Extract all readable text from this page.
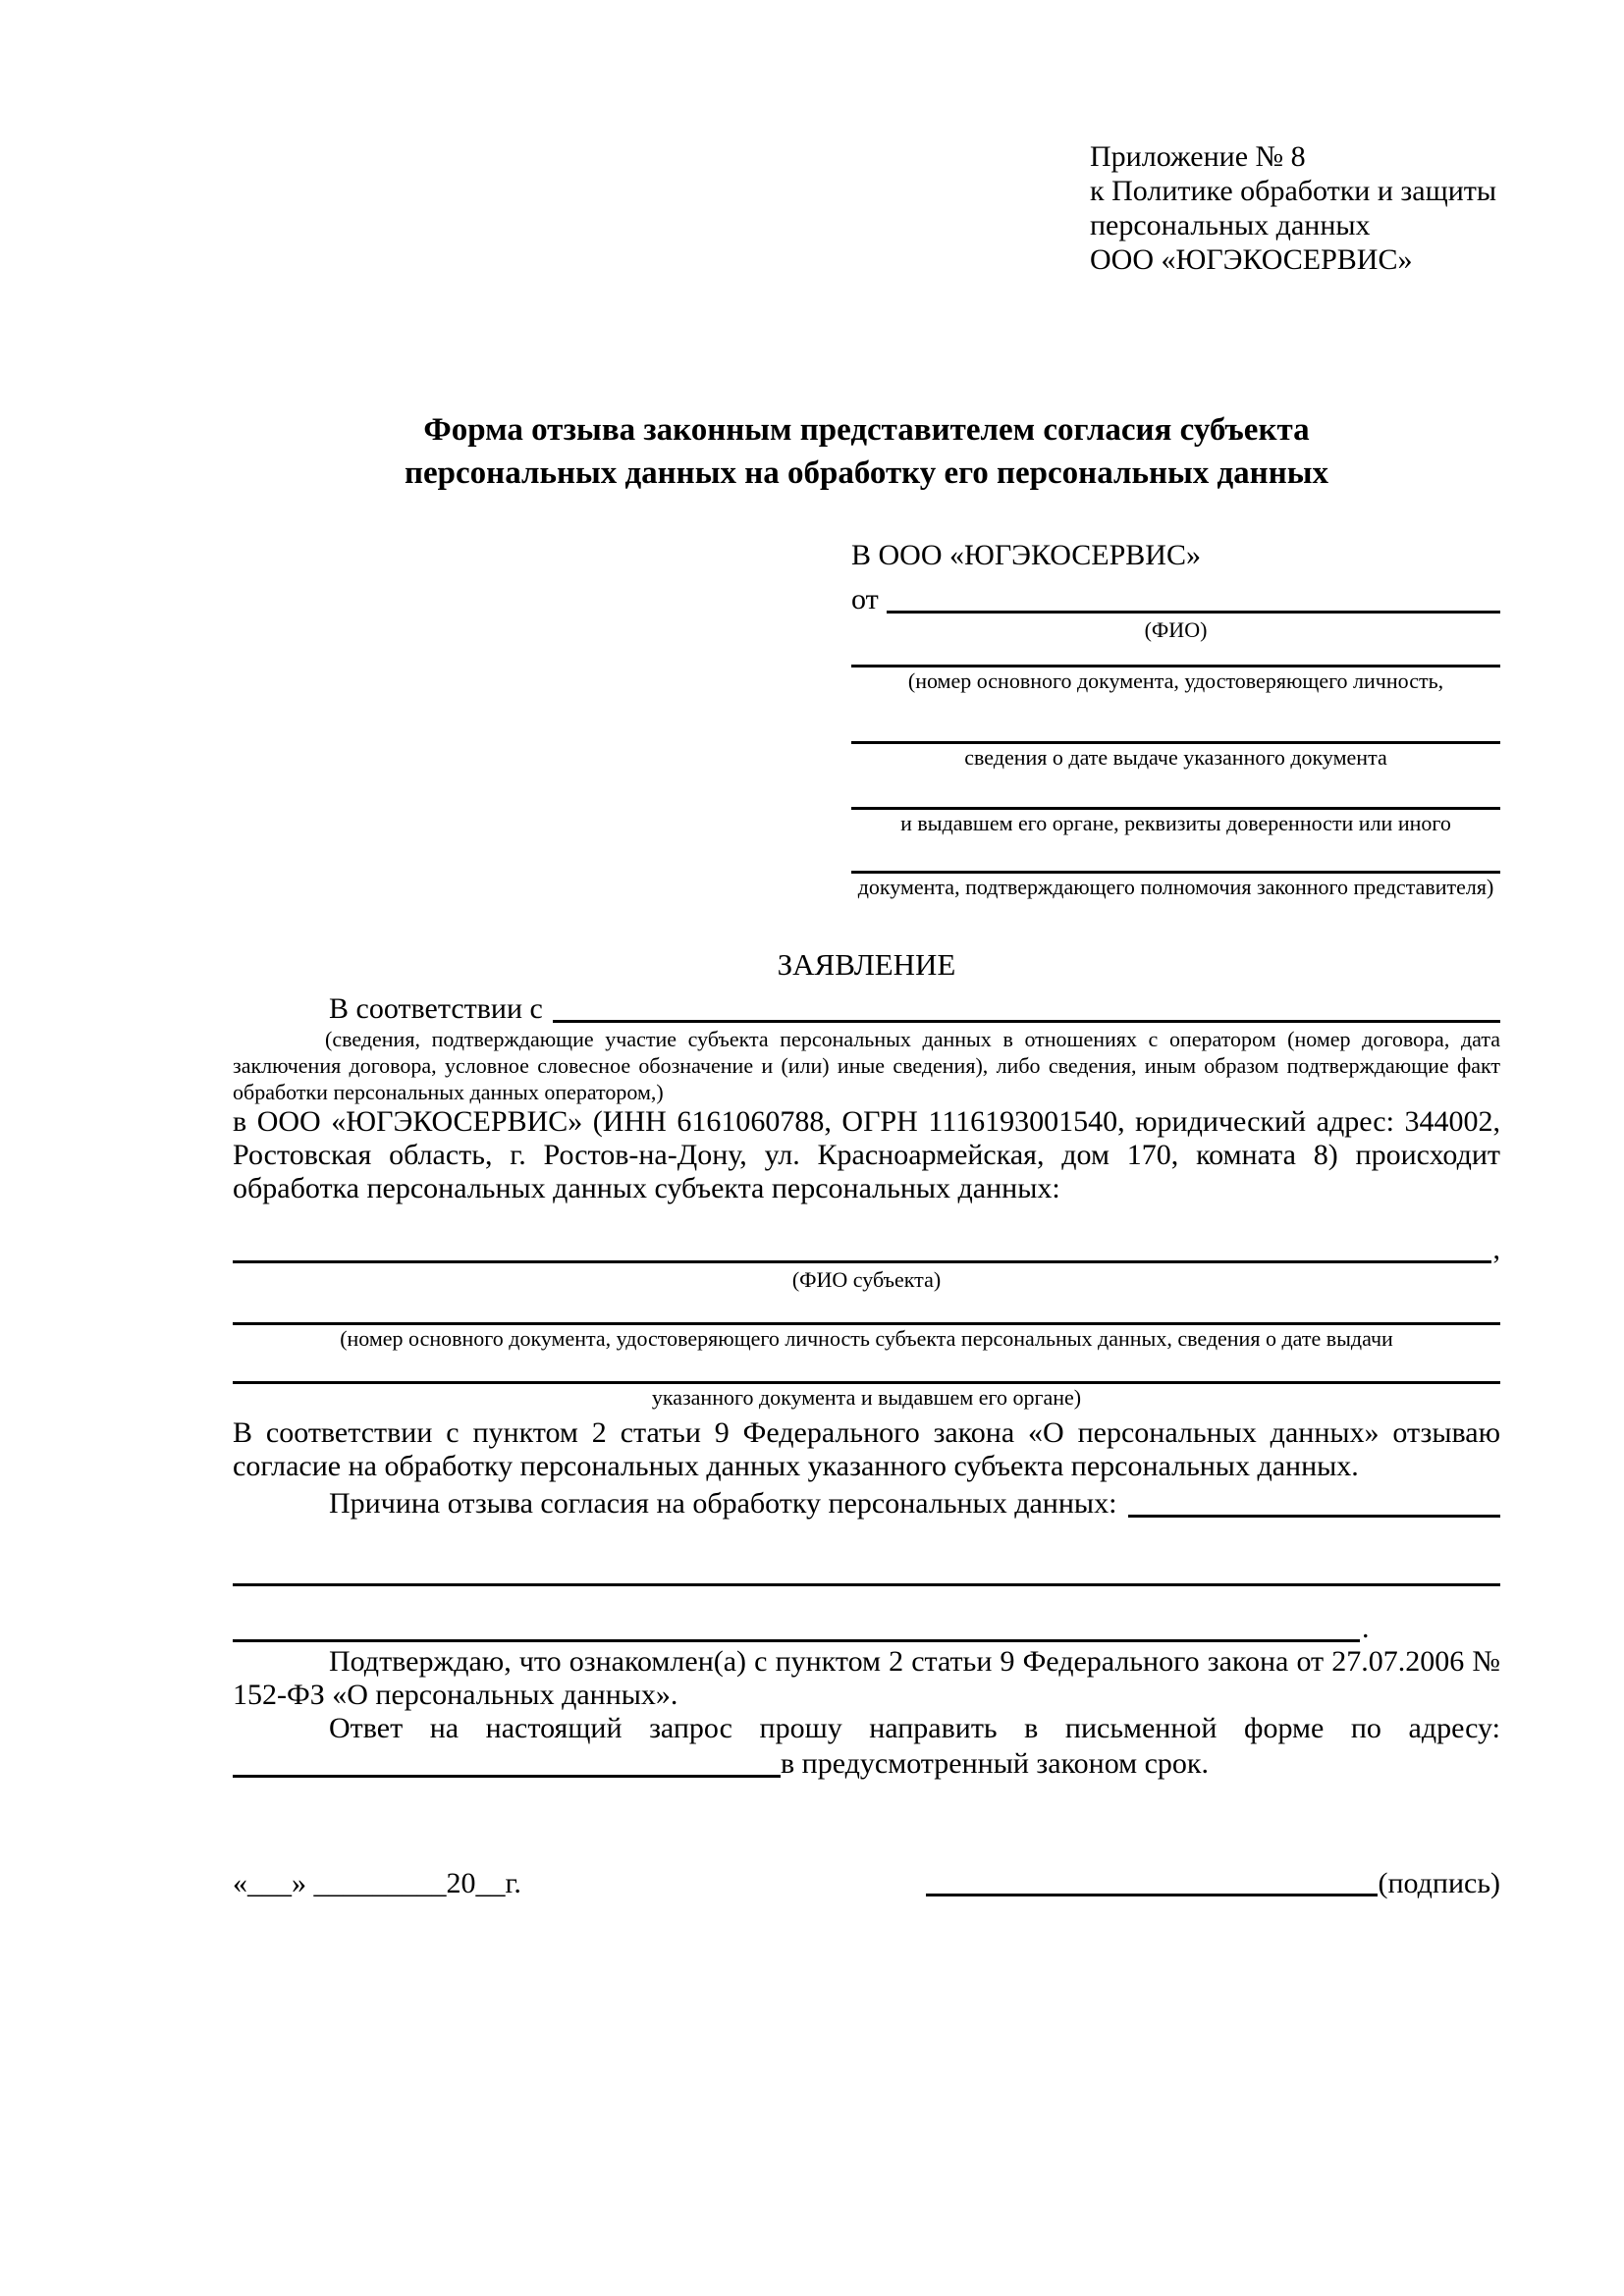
Приложение № 8
к Политике обработки и защиты
персональных данных
ООО «ЮГЭКОСЕРВИС»
Форма отзыва законным представителем согласия субъекта
персональных данных на обработку его персональных данных
В ООО «ЮГЭКОСЕРВИС»
от
(ФИО)
(номер основного документа, удостоверяющего личность,
сведения о дате выдаче указанного документа
и выдавшем его органе, реквизиты доверенности или иного
документа, подтверждающего полномочия законного представителя)
ЗАЯВЛЕНИЕ
В соответствии с
(сведения, подтверждающие участие субъекта персональных данных в отношениях с оператором (номер договора, дата заключения договора, условное словесное обозначение и (или) иные сведения), либо сведения, иным образом подтверждающие факт обработки персональных данных оператором,)
в ООО «ЮГЭКОСЕРВИС» (ИНН 6161060788, ОГРН 1116193001540, юридический адрес: 344002, Ростовская область, г. Ростов-на-Дону, ул. Красноармейская, дом 170, комната 8) происходит обработка персональных данных субъекта персональных данных:
,
(ФИО субъекта)
(номер основного документа, удостоверяющего личность субъекта персональных данных, сведения о дате выдачи
указанного документа и выдавшем его органе)
В соответствии с пунктом 2 статьи 9 Федерального закона «О персональных данных» отзываю согласие на обработку персональных данных указанного субъекта персональных данных.
Причина отзыва согласия на обработку персональных данных:
.
Подтверждаю, что ознакомлен(а) с пунктом 2 статьи 9 Федерального закона от 27.07.2006 № 152-ФЗ «О персональных данных».
Ответ на настоящий запрос прошу направить в письменной форме по адресу:
в предусмотренный законом срок.
«___» _________20__г.	(подпись)
